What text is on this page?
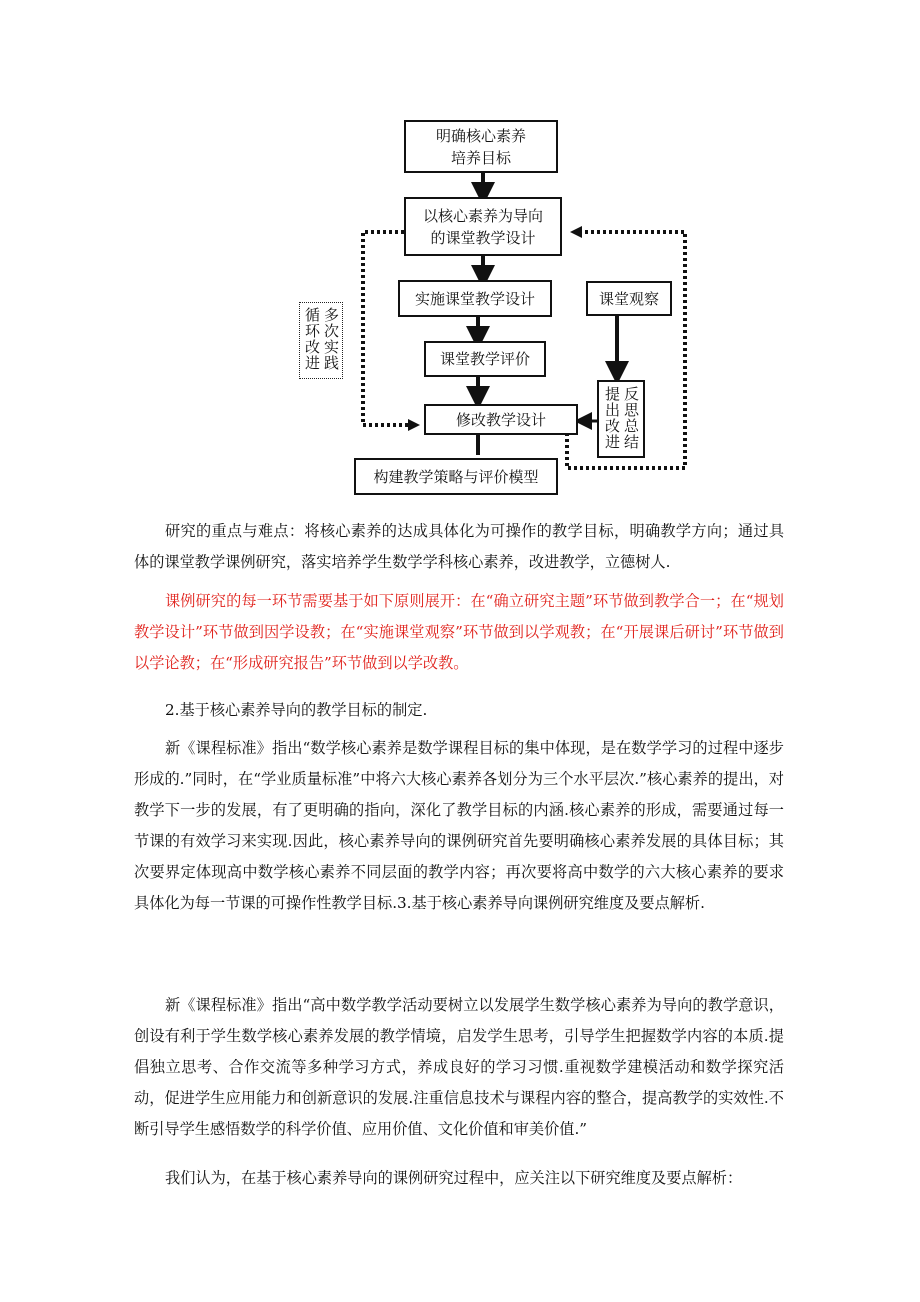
明确核心素养
培养目标
以核心素养为导向
的课堂教学设计
实施课堂教学设计
课堂教学评价
修改教学设计
构建教学策略与评价模型
课堂观察
多次实践循环改进
反思总结提出改进

研究的重点与难点：将核心素养的达成具体化为可操作的教学目标，明确教学方向；通过具体的课堂教学课例研究，落实培养学生数学学科核心素养，改进教学，立德树人.

课例研究的每一环节需要基于如下原则展开：在“确立研究主题”环节做到教学合一；在“规划教学设计”环节做到因学设教；在“实施课堂观察”环节做到以学观教；在“开展课后研讨”环节做到以学论教；在“形成研究报告”环节做到以学改教。

2.基于核心素养导向的教学目标的制定.

新《课程标准》指出“数学核心素养是数学课程目标的集中体现，是在数学学习的过程中逐步形成的.”同时，在“学业质量标准”中将六大核心素养各划分为三个水平层次.”核心素养的提出，对教学下一步的发展，有了更明确的指向，深化了教学目标的内涵.核心素养的形成，需要通过每一节课的有效学习来实现.因此，核心素养导向的课例研究首先要明确核心素养发展的具体目标；其次要界定体现高中数学核心素养不同层面的教学内容；再次要将高中数学的六大核心素养的要求具体化为每一节课的可操作性教学目标.3.基于核心素养导向课例研究维度及要点解析.

新《课程标准》指出“高中数学教学活动要树立以发展学生数学核心素养为导向的教学意识，创设有利于学生数学核心素养发展的教学情境，启发学生思考，引导学生把握数学内容的本质.提倡独立思考、合作交流等多种学习方式，养成良好的学习习惯.重视数学建模活动和数学探究活动，促进学生应用能力和创新意识的发展.注重信息技术与课程内容的整合，提高教学的实效性.不断引导学生感悟数学的科学价值、应用价值、文化价值和审美价值.”

我们认为，在基于核心素养导向的课例研究过程中，应关注以下研究维度及要点解析：
